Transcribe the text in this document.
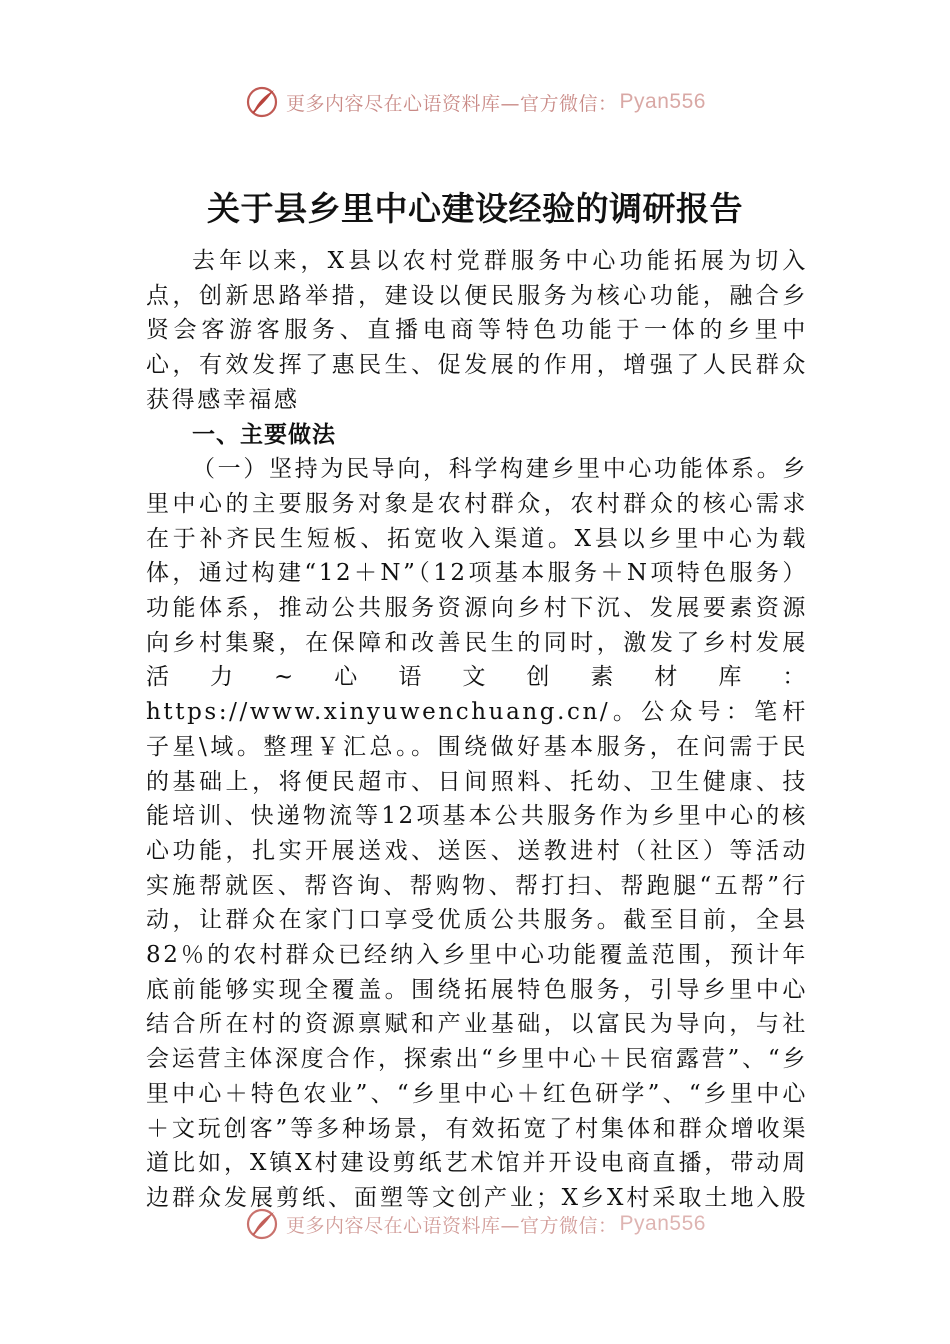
更多内容尽在心语资料库—官方微信： Pyan556
关于县乡里中心建设经验的调研报告

去年以来，X县以农村党群服务中心功能拓展为切入点，创新思路举措，建设以便民服务为核心功能，融合乡贤会客游客服务、直播电商等特色功能于一体的乡里中心，有效发挥了惠民生、促发展的作用，增强了人民群众获得感幸福感

一、主要做法

（一）坚持为民导向，科学构建乡里中心功能体系。乡里中心的主要服务对象是农村群众，农村群众的核心需求在于补齐民生短板、拓宽收入渠道。X县以乡里中心为载体，通过构建“12＋N”（12项基本服务＋N项特色服务）功能体系，推动公共服务资源向乡村下沉、发展要素资源向乡村集聚，在保障和改善民生的同时，激发了乡村发展活力~心语文创素材库：https://www.xinyuwenchuang.cn/。公众号：笔杆子星\域。整理￥汇总。。围绕做好基本服务，在问需于民的基础上，将便民超市、日间照料、托幼、卫生健康、技能培训、快递物流等12项基本公共服务作为乡里中心的核心功能，扎实开展送戏、送医、送教进村（社区）等活动实施帮就医、帮咨询、帮购物、帮打扫、帮跑腿“五帮”行动，让群众在家门口享受优质公共服务。截至目前，全县82％的农村群众已经纳入乡里中心功能覆盖范围，预计年底前能够实现全覆盖。围绕拓展特色服务，引导乡里中心结合所在村的资源禀赋和产业基础，以富民为导向，与社会运营主体深度合作，探索出“乡里中心＋民宿露营”、“乡里中心＋特色农业”、“乡里中心＋红色研学”、“乡里中心＋文玩创客”等多种场景，有效拓宽了村集体和群众增收渠道比如，X镇X村建设剪纸艺术馆并开设电商直播，带动周边群众发展剪纸、面塑等文创产业；X乡X村采取土地入股

更多内容尽在心语资料库—官方微信： Pyan556
